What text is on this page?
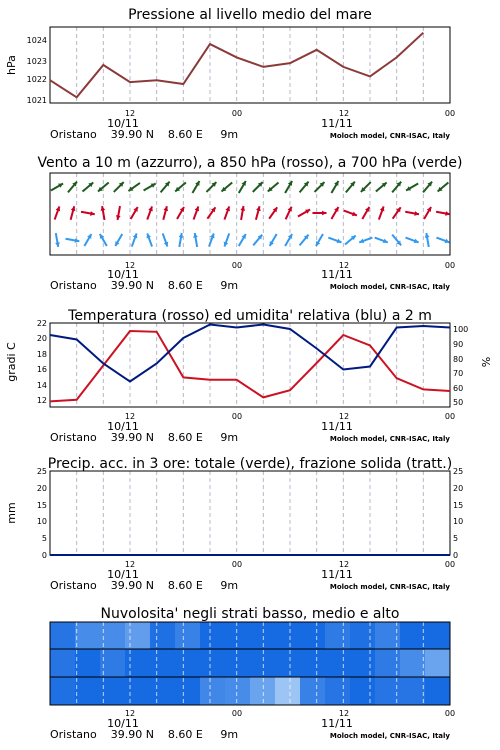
Pressione al livello medio del mare
hPa
1024
1023
1022
1021
12	00	12	00
10/11	11/11
Oristano    39.90 N    8.60 E     9m	Moloch model, CNR-ISAC, Italy
Vento a 10 m (azzurro), a 850 hPa (rosso), a 700 hPa (verde)
12	00	12	00
10/11	11/11
Oristano    39.90 N    8.60 E     9m	Moloch model, CNR-ISAC, Italy
Temperatura (rosso) ed umidita' relativa (blu) a 2 m
gradi C	%
22
20
18
16
14
12
100
90
80
70
60
50
12	00	12	00
10/11	11/11
Oristano    39.90 N    8.60 E     9m	Moloch model, CNR-ISAC, Italy
Precip. acc. in 3 ore: totale (verde), frazione solida (tratt.)
mm
25
20
15
10
5
0
25
20
15
10
5
0
12	00	12	00
10/11	11/11
Oristano    39.90 N    8.60 E     9m	Moloch model, CNR-ISAC, Italy
Nuvolosita' negli strati basso, medio e alto
12	00	12	00
10/11	11/11
Oristano    39.90 N    8.60 E     9m	Moloch model, CNR-ISAC, Italy
